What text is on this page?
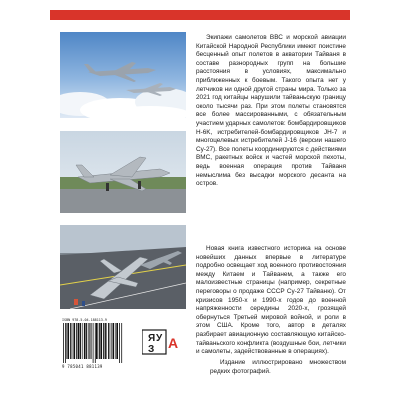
Экипажи самолетов ВВС и морской авиации Китайской Народной Республики имеют поистине бесценный опыт полетов в акватории Тайваня в составе разнородных групп на большие расстояния в условиях, максимально приближенных к боевым. Такого опыта нет у летчиков ни одной другой страны мира. Только за 2021 год китайцы нарушили тайваньскую границу около тысячи раз. При этом полеты становятся все более массированными, с обязательным участием ударных самолетов: бомбардировщиков H-6K, истребителей-бомбардировщиков JH-7 и многоцелевых истребителей J-16 (версии нашего Су-27). Все полеты координируются с действиями ВМС, ракетных войск и частей морской пехоты, ведь военная операция против Тайваня немыслима без высадки морского десанта на остров.

Новая книга известного историка на основе новейших данных впервые в литературе подробно освещает ход военного противостояния между Китаем и Тайванем, а также его малоизвестные страницы (например, секретные переговоры о продаже СССР Су-27 Тайваню). От кризисов 1950-х и 1990-х годов до военной напряженности середины 2020-х, грозящей обернуться Третьей мировой войной, и роли в этом США. Кроме того, автор в деталях разбирает авиационную составляющую китайско-тайваньского конфликта (воздушные бои, летчики и самолеты, задействованные в операциях).

Издание иллюстрировано множеством редких фотографий.

ISBN 978-5-04-188113-9
9 785041 881139
Я У
З А
